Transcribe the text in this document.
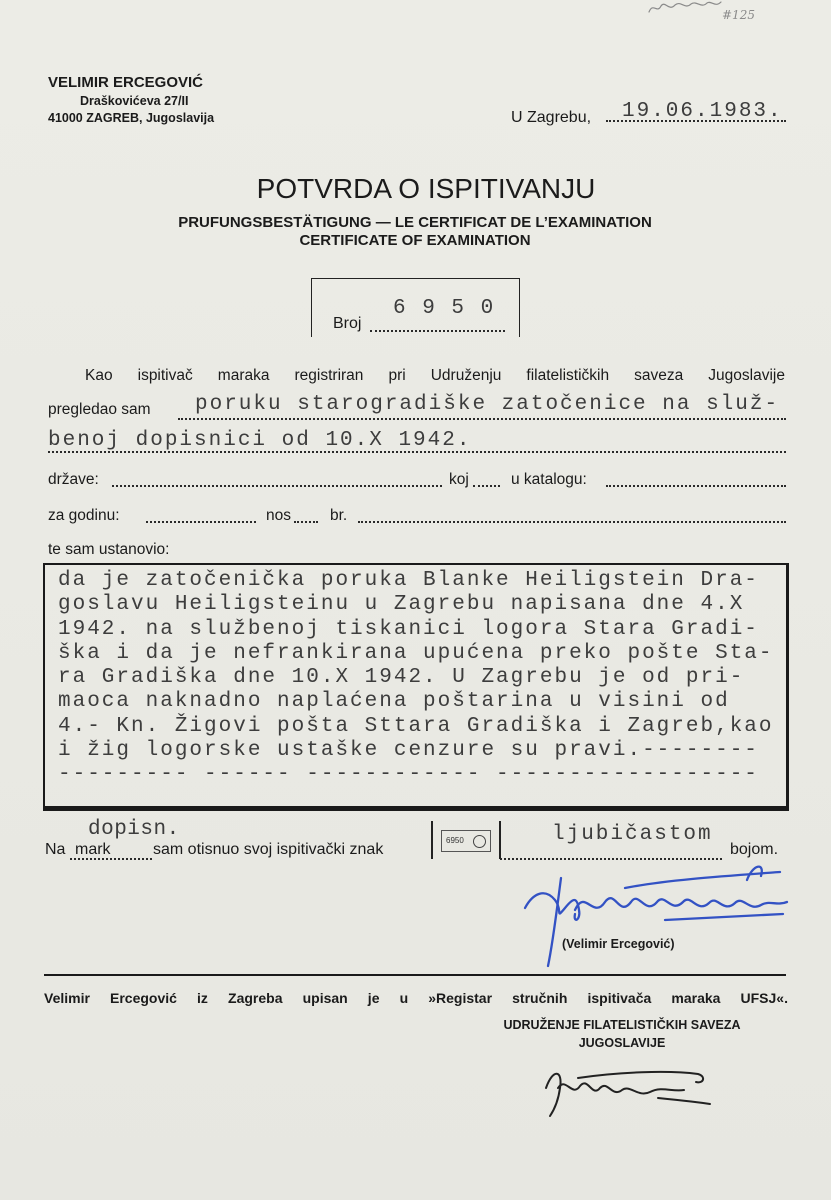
#125
VELIMIR ERCEGOVIĆ
Draškovićeva 27/II
41000 ZAGREB, Jugoslavija	U Zagrebu, 19.06.1983.
POTVRDA O ISPITIVANJU
PRUFUNGSBESTÄTIGUNG — LE CERTIFICAT DE L’EXAMINATION
CERTIFICATE OF EXAMINATION
Broj
6 9 5 0
Kao ispitivač maraka registriran pri Udruženju filatelističkih saveza Jugoslavije
pregledao sam poruku starogradiške zatočenice na služ-
benoj dopisnici od 10.X 1942.
države:	koj	u katalogu:
za godinu:	nos	br.
te sam ustanovio:
da je zatočenička poruka Blanke Heiligstein Dra-
goslavu Heiligsteinu u Zagrebu napisana dne 4.X
1942. na službenoj tiskanici logora Stara Gradi-
ška i da je nefrankirana upućena preko pošte Sta-
ra Gradiška dne 10.X 1942. U Zagrebu je od pri-
maoca naknadno naplaćena poštarina u visini od
4.- Kn. Žigovi pošta Sttara Gradiška i Zagreb,kao
i žig logorske ustaške cenzure su pravi.--------
--------- ------ ------------ ------------------
Na mark
dopisn.
sam otisnuo svoj ispitivački znak
6950	ljubičastom
bojom.
(Velimir Ercegović)
Velimir Ercegović iz Zagreba upisan je u »Registar stručnih ispitivača maraka UFSJ«.
UDRUŽENJE FILATELISTIČKIH SAVEZA
JUGOSLAVIJE
